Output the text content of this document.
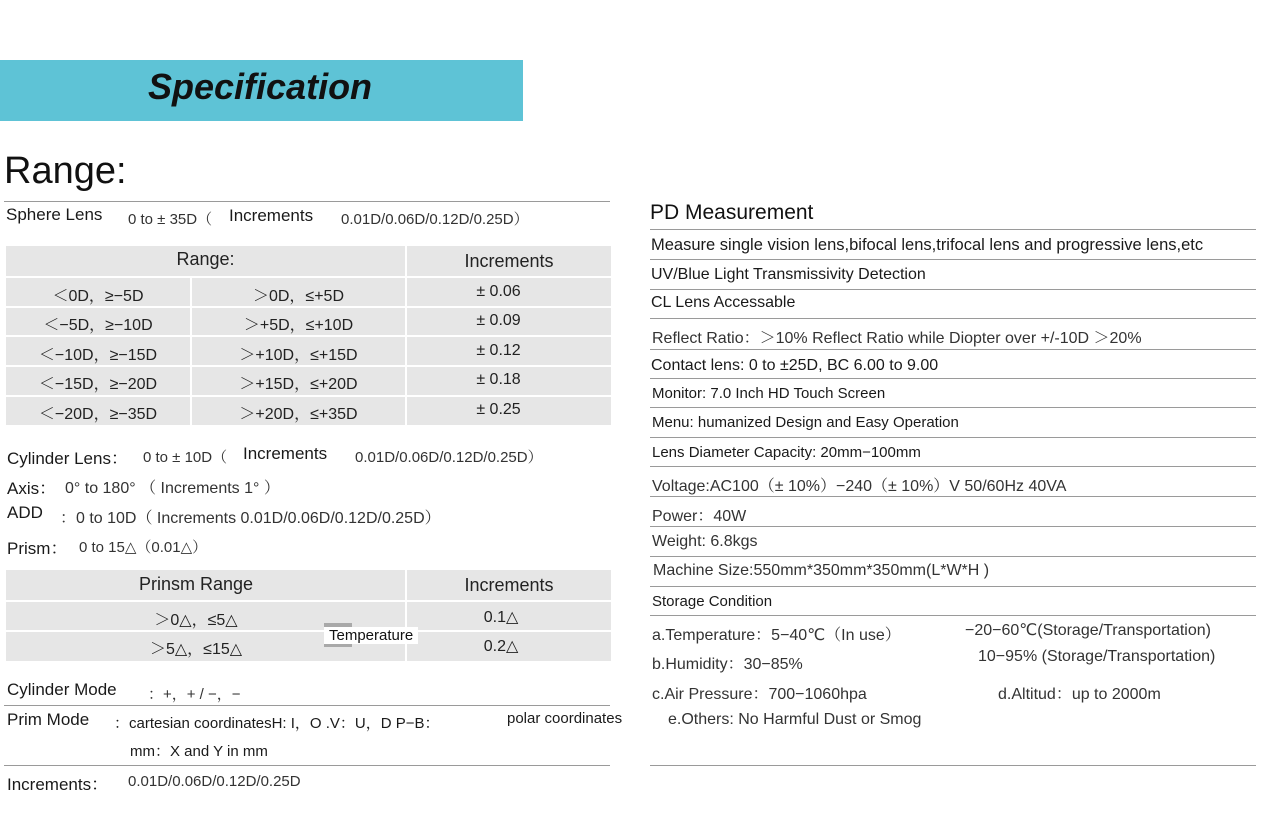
Specification
Range:
Sphere Lens 0 to ± 35D（ Increments 0.01D/0.06D/0.12D/0.25D）
Range:	Increments
＜0D，≥−5D	＞0D，≤+5D	± 0.06
＜−5D，≥−10D	＞+5D，≤+10D	± 0.09
＜−10D，≥−15D	＞+10D，≤+15D	± 0.12
＜−15D，≥−20D	＞+15D，≤+20D	± 0.18
＜−20D，≥−35D	＞+20D，≤+35D	± 0.25
Cylinder Lens： 0 to ± 10D（ Increments 0.01D/0.06D/0.12D/0.25D）
Axis： 0° to 180° （ Increments 1° ）
ADD ：0 to 10D（ Increments 0.01D/0.06D/0.12D/0.25D）
Prism： 0 to 15△（0.01△）
Prinsm Range	Increments
＞0△，≤5△	0.1△
＞5△，≤15△	0.2△
Temperature
Cylinder Mode ：+，+ / −，−
Prim Mode ：cartesian coordinatesH: I，O .V：U，D P−B：	polar coordinates
mm：X and Y in mm
Increments： 0.01D/0.06D/0.12D/0.25D
PD Measurement
Measure single vision lens,bifocal lens,trifocal lens and progressive lens,etc
UV/Blue Light Transmissivity Detection
CL Lens Accessable
Reflect Ratio：＞10% Reflect Ratio while Diopter over +/-10D ＞20%
Contact lens: 0 to ±25D, BC 6.00 to 9.00
Monitor: 7.0 Inch HD Touch Screen
Menu: humanized Design and Easy Operation
Lens Diameter Capacity: 20mm−100mm
Voltage:AC100（± 10%）−240（± 10%）V 50/60Hz 40VA
Power：40W
Weight: 6.8kgs
Machine Size:550mm*350mm*350mm(L*W*H )
Storage Condition
a.Temperature：5−40℃（In use）	−20−60℃(Storage/Transportation)
b.Humidity：30−85%	10−95% (Storage/Transportation)
c.Air Pressure：700−1060hpa	d.Altitud：up to 2000m
e.Others: No Harmful Dust or Smog
